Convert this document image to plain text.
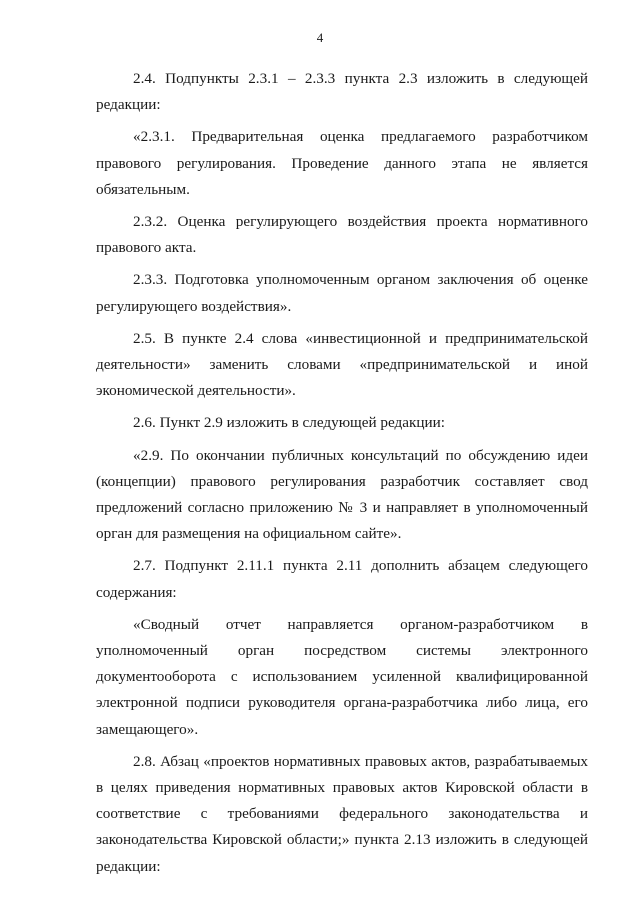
4

2.4. Подпункты 2.3.1 – 2.3.3 пункта 2.3 изложить в следующей редакции:

«2.3.1. Предварительная оценка предлагаемого разработчиком правового регулирования. Проведение данного этапа не является обязательным.

2.3.2. Оценка регулирующего воздействия проекта нормативного правового акта.

2.3.3. Подготовка уполномоченным органом заключения об оценке регулирующего воздействия».

2.5. В пункте 2.4 слова «инвестиционной и предпринимательской деятельности» заменить словами «предпринимательской и иной экономической деятельности».

2.6. Пункт 2.9 изложить в следующей редакции:

«2.9. По окончании публичных консультаций по обсуждению идеи (концепции) правового регулирования разработчик составляет свод предложений согласно приложению № 3 и направляет в уполномоченный орган для размещения на официальном сайте».

2.7. Подпункт 2.11.1 пункта 2.11 дополнить абзацем следующего содержания:

«Сводный отчет направляется органом-разработчиком в уполномоченный орган посредством системы электронного документооборота с использованием усиленной квалифицированной электронной подписи руководителя органа-разработчика либо лица, его замещающего».

2.8. Абзац «проектов нормативных правовых актов, разрабатываемых в целях приведения нормативных правовых актов Кировской области в соответствие с требованиями федерального законодательства и законодательства Кировской области;» пункта 2.13 изложить в следующей редакции:
